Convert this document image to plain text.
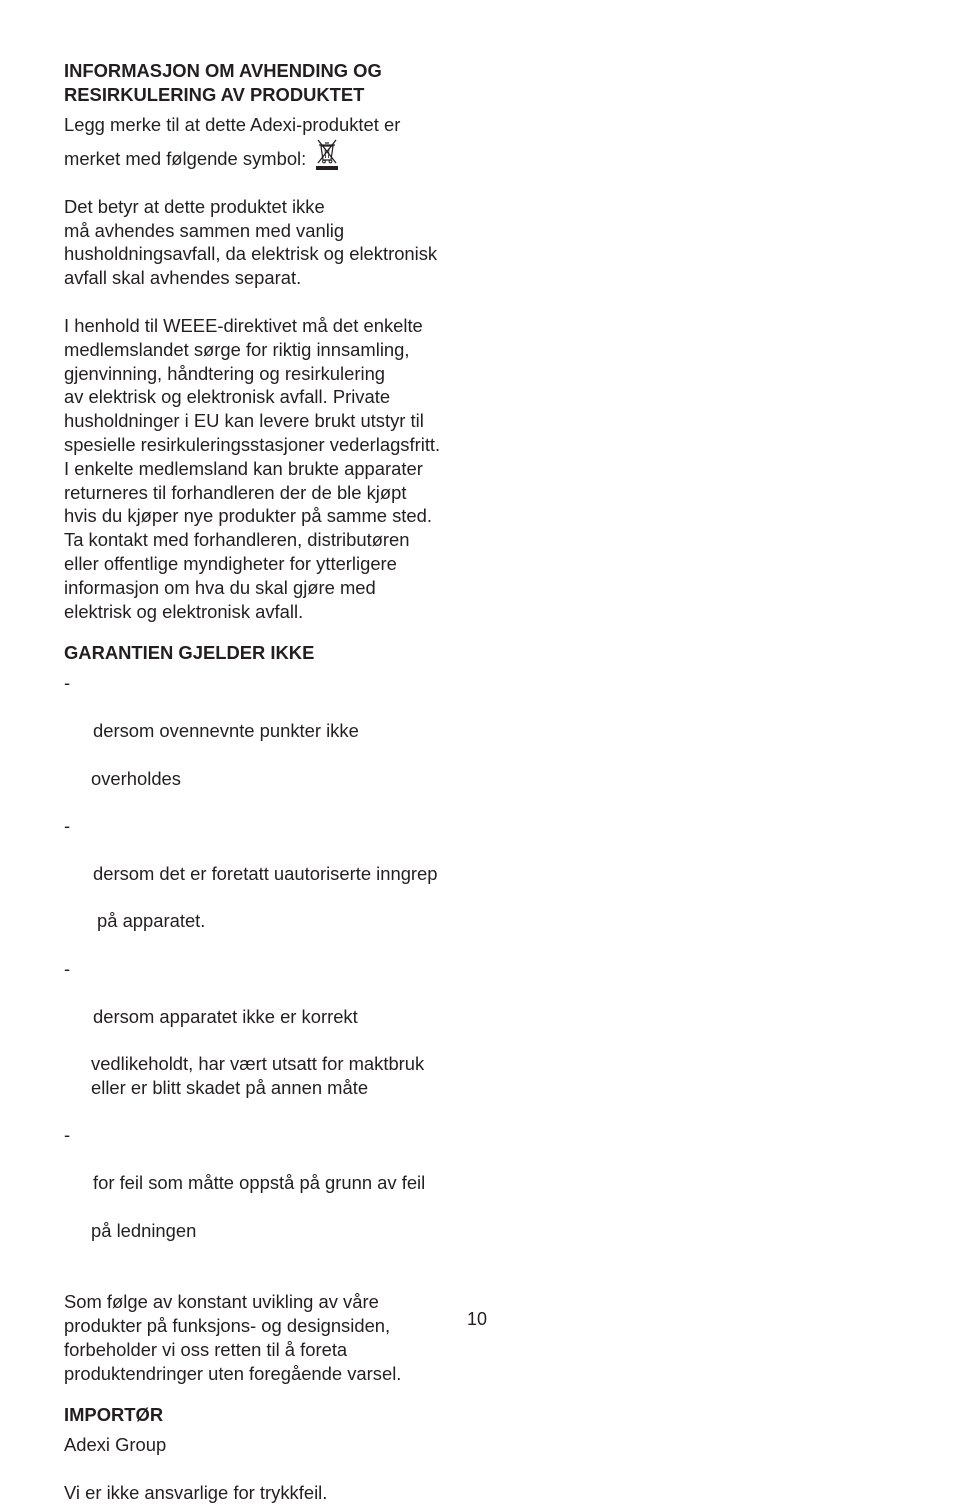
INFORMASJON OM AVHENDING OG
RESIRKULERING AV PRODUKTET

Legg merke til at dette Adexi-produktet er

merket med følgende symbol:

Det betyr at dette produktet ikke
må avhendes sammen med vanlig
husholdningsavfall, da elektrisk og elektronisk
avfall skal avhendes separat.

I henhold til WEEE-direktivet må det enkelte
medlemslandet sørge for riktig innsamling,
gjenvinning, håndtering og resirkulering
av elektrisk og elektronisk avfall. Private
husholdninger i EU kan levere brukt utstyr til
spesielle resirkuleringsstasjoner vederlagsfritt.
I enkelte medlemsland kan brukte apparater
returneres til forhandleren der de ble kjøpt
hvis du kjøper nye produkter på samme sted.
Ta kontakt med forhandleren, distributøren
eller offentlige myndigheter for ytterligere
informasjon om hva du skal gjøre med
elektrisk og elektronisk avfall.

GARANTIEN GJELDER IKKE

-

dersom ovennevnte punkter ikke

overholdes

-

dersom det er foretatt uautoriserte inngrep

på apparatet.

-

dersom apparatet ikke er korrekt

vedlikeholdt, har vært utsatt for maktbruk
eller er blitt skadet på annen måte

-

for feil som måtte oppstå på grunn av feil

på ledningen

Som følge av konstant uvikling av våre
produkter på funksjons- og designsiden,
forbeholder vi oss retten til å foreta
produktendringer uten foregående varsel.

IMPORTØR

Adexi Group

Vi er ikke ansvarlige for trykkfeil.

10
